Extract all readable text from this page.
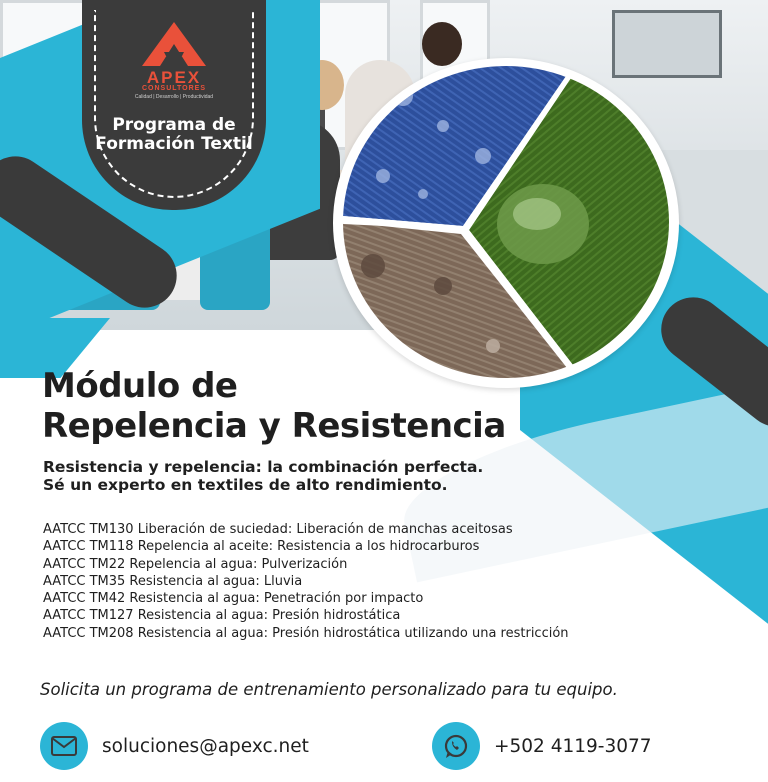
APEX
CONSULTORES
Calidad | Desarrollo | Productividad
Programa de Formación Textil
Módulo de
Repelencia y Resistencia
Resistencia y repelencia: la combinación perfecta.
Sé un experto en textiles de alto rendimiento.
AATCC TM130 Liberación de suciedad: Liberación de manchas aceitosas
AATCC TM118 Repelencia al aceite: Resistencia a los hidrocarburos
AATCC TM22 Repelencia al agua: Pulverización
AATCC TM35 Resistencia al agua: Lluvia
AATCC TM42 Resistencia al agua: Penetración por impacto
AATCC TM127 Resistencia al agua: Presión hidrostática
AATCC TM208 Resistencia al agua: Presión hidrostática utilizando una restricción
Solicita un programa de entrenamiento personalizado para tu equipo.
soluciones@apexc.net	+502 4119-3077
